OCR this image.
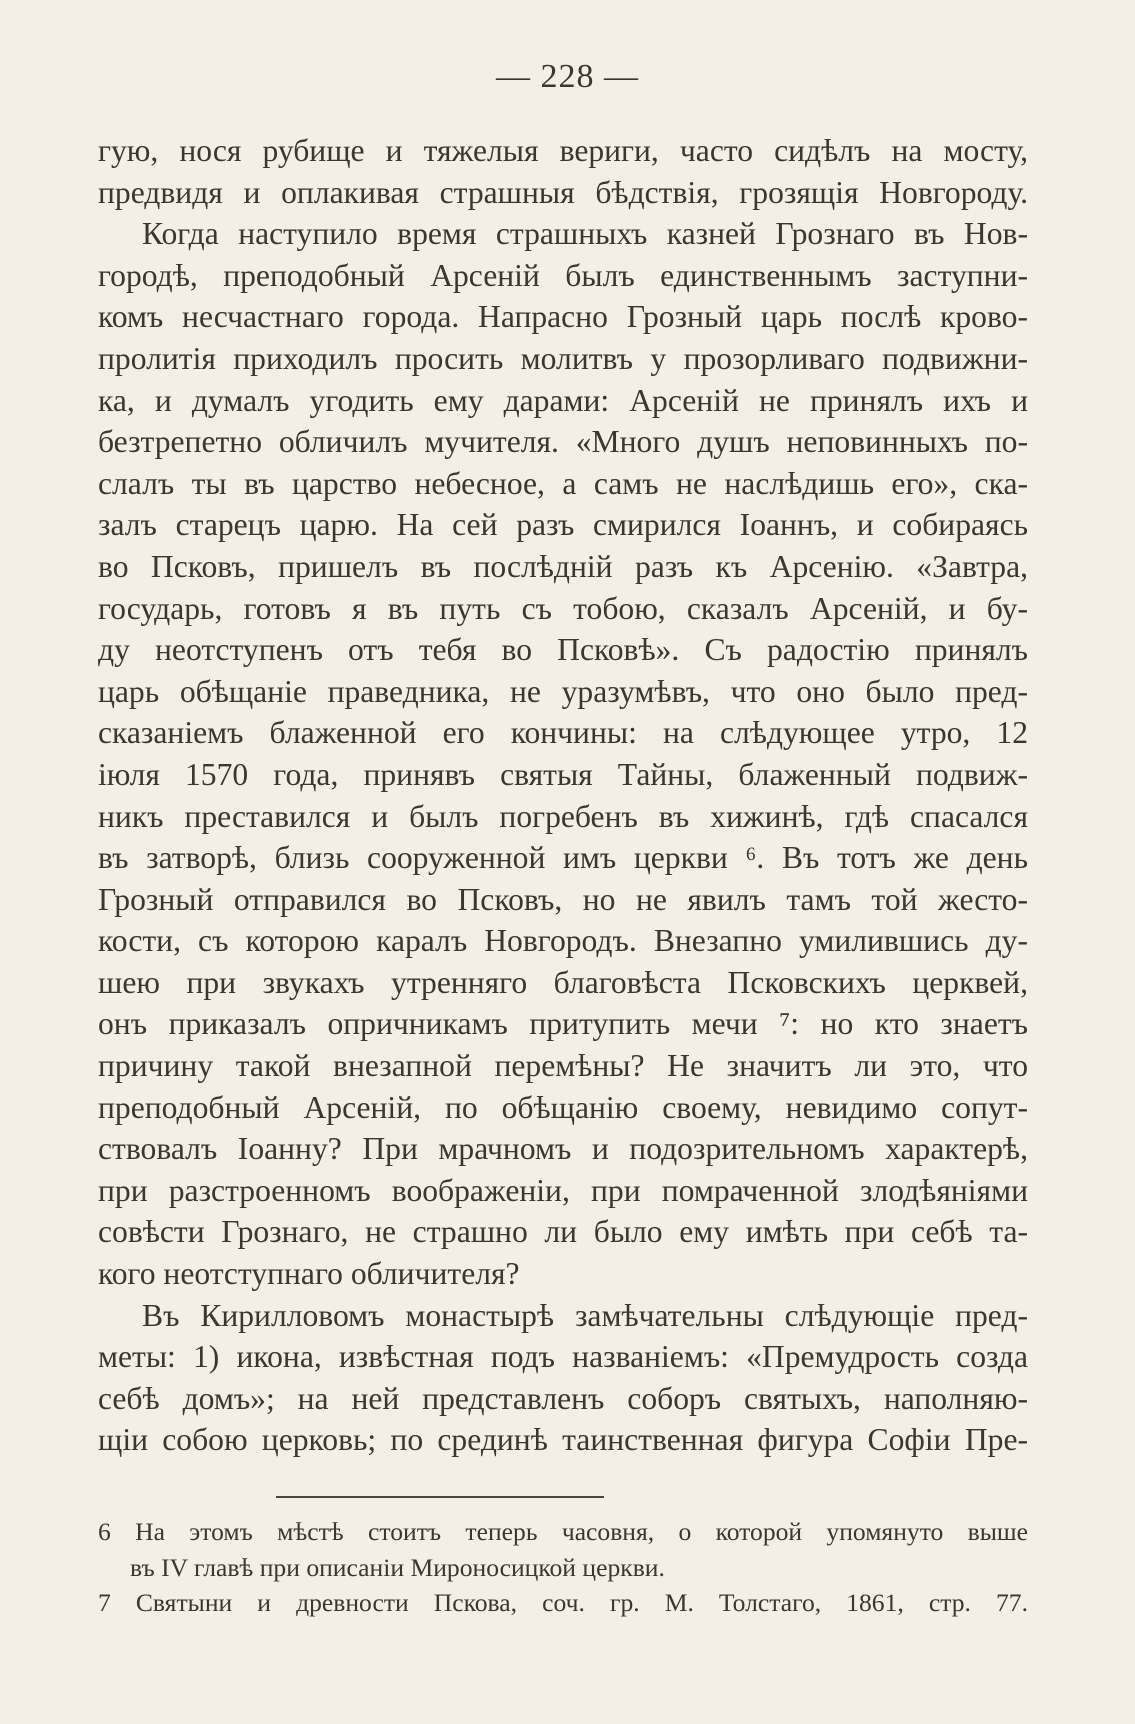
— 228 —
гую, нося рубище и тяжелыя вериги, часто сидѣлъ на мосту,
предвидя и оплакивая страшныя бѣдствія, грозящія Новгороду.
Когда наступило время страшныхъ казней Грознаго въ Нов-
городѣ, преподобный Арсеній былъ единственнымъ заступни-
комъ несчастнаго города. Напрасно Грозный царь послѣ крово-
пролитія приходилъ просить молитвъ у прозорливаго подвижни-
ка, и думалъ угодить ему дарами: Арсеній не принялъ ихъ и
безтрепетно обличилъ мучителя. «Много душъ неповинныхъ по-
слалъ ты въ царство небесное, а самъ не наслѣдишь его», ска-
залъ старецъ царю. На сей разъ смирился Іоаннъ, и собираясь
во Псковъ, пришелъ въ послѣдній разъ къ Арсенію. «Завтра,
государь, готовъ я въ путь съ тобою, сказалъ Арсеній, и бу-
ду неотступенъ отъ тебя во Псковѣ». Съ радостію принялъ
царь обѣщаніе праведника, не уразумѣвъ, что оно было пред-
сказаніемъ блаженной его кончины: на слѣдующее утро, 12
іюля 1570 года, принявъ святыя Тайны, блаженный подвиж-
никъ преставился и былъ погребенъ въ хижинѣ, гдѣ спасался
въ затворѣ, близь сооруженной имъ церкви ⁶. Въ тотъ же день
Грозный отправился во Псковъ, но не явилъ тамъ той жесто-
кости, съ которою каралъ Новгородъ. Внезапно умилившись ду-
шею при звукахъ утренняго благовѣста Псковскихъ церквей,
онъ приказалъ опричникамъ притупить мечи ⁷: но кто знаетъ
причину такой внезапной перемѣны? Не значитъ ли это, что
преподобный Арсеній, по обѣщанію своему, невидимо сопут-
ствовалъ Іоанну? При мрачномъ и подозрительномъ характерѣ,
при разстроенномъ воображеніи, при помраченной злодѣяніями
совѣсти Грознаго, не страшно ли было ему имѣть при себѣ та-
кого неотступнаго обличителя?
Въ Кирилловомъ монастырѣ замѣчательны слѣдующіе пред-
меты: 1) икона, извѣстная подъ названіемъ: «Премудрость созда
себѣ домъ»; на ней представленъ соборъ святыхъ, наполняю-
щіи собою церковь; по срединѣ таинственная фигура Софіи Пре-
6 На этомъ мѣстѣ стоитъ теперь часовня, о которой упомянуто выше
въ IV главѣ при описаніи Мироносицкой церкви.
7 Святыни и древности Пскова, соч. гр. М. Толстаго, 1861, стр. 77.
